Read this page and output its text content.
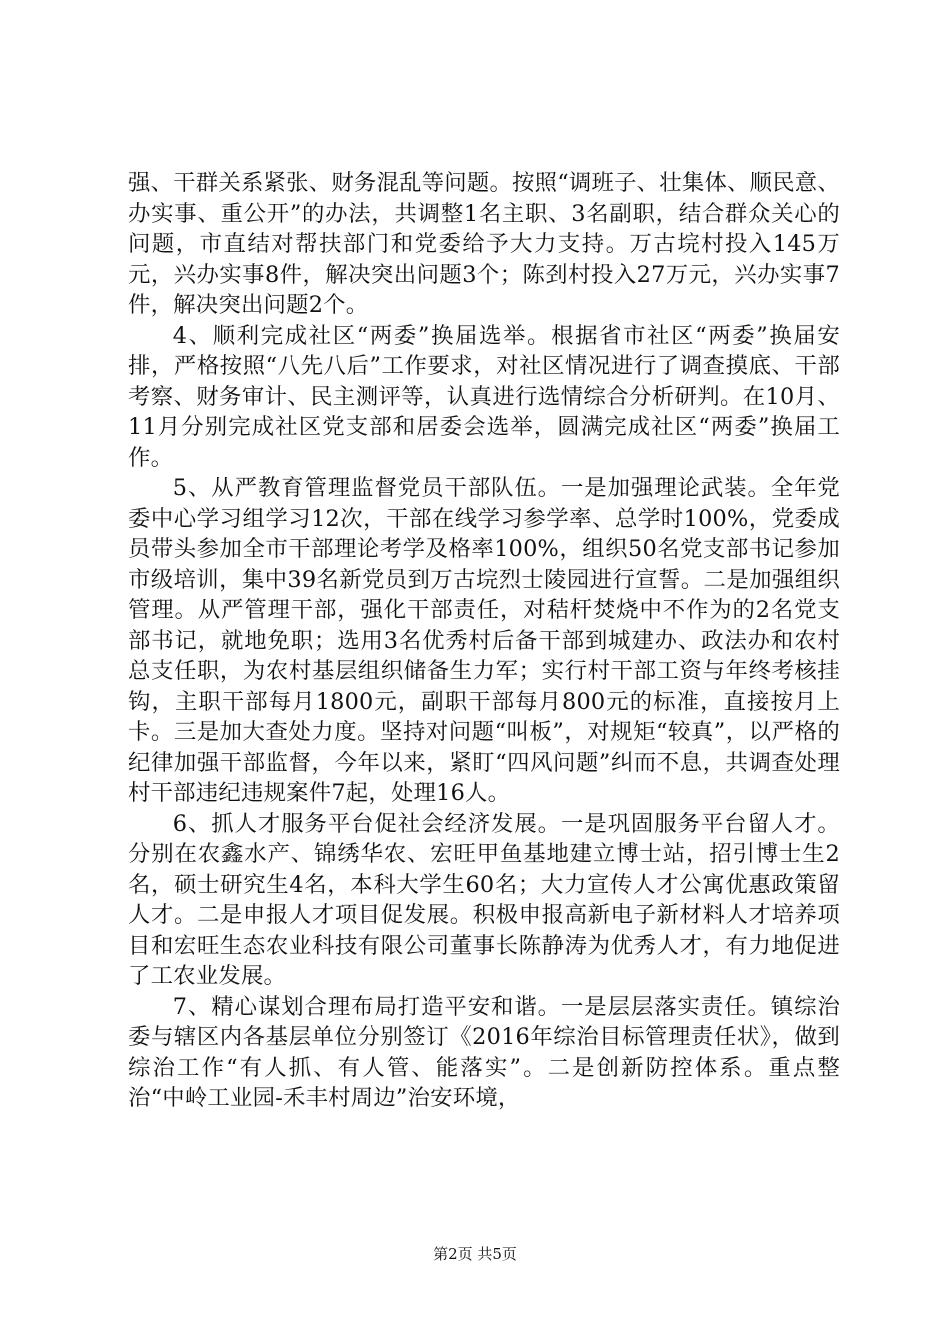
强、干群关系紧张、财务混乱等问题。按照“调班子、壮集体、顺民意、办实事、重公开”的办法，共调整1名主职、3名副职，结合群众关心的问题，市直结对帮扶部门和党委给予大力支持。万古垸村投入145万元，兴办实事8件，解决突出问题3个；陈刭村投入27万元，兴办实事7件，解决突出问题2个。

4、顺利完成社区“两委”换届选举。根据省市社区“两委”换届安排，严格按照“八先八后”工作要求，对社区情况进行了调查摸底、干部考察、财务审计、民主测评等，认真进行选情综合分析研判。在10月、11月分别完成社区党支部和居委会选举，圆满完成社区“两委”换届工作。

5、从严教育管理监督党员干部队伍。一是加强理论武装。全年党委中心学习组学习12次，干部在线学习参学率、总学时100%，党委成员带头参加全市干部理论考学及格率100%，组织50名党支部书记参加市级培训，集中39名新党员到万古垸烈士陵园进行宣誓。二是加强组织管理。从严管理干部，强化干部责任，对秸杆焚烧中不作为的2名党支部书记，就地免职；选用3名优秀村后备干部到城建办、政法办和农村总支任职，为农村基层组织储备生力军；实行村干部工资与年终考核挂钩，主职干部每月1800元，副职干部每月800元的标准，直接按月上卡。三是加大查处力度。坚持对问题“叫板”，对规矩“较真”，以严格的纪律加强干部监督，今年以来，紧盯“四风问题”纠而不息，共调查处理村干部违纪违规案件7起，处理16人。

6、抓人才服务平台促社会经济发展。一是巩固服务平台留人才。分别在农鑫水产、锦绣华农、宏旺甲鱼基地建立博士站，招引博士生2名，硕士研究生4名，本科大学生60名；大力宣传人才公寓优惠政策留人才。二是申报人才项目促发展。积极申报高新电子新材料人才培养项目和宏旺生态农业科技有限公司董事长陈静涛为优秀人才，有力地促进了工农业发展。

7、精心谋划合理布局打造平安和谐。一是层层落实责任。镇综治委与辖区内各基层单位分别签订《2016年综治目标管理责任状》，做到综治工作“有人抓、有人管、能落实”。二是创新防控体系。重点整治“中岭工业园-禾丰村周边”治安环境，

第2页 共5页
